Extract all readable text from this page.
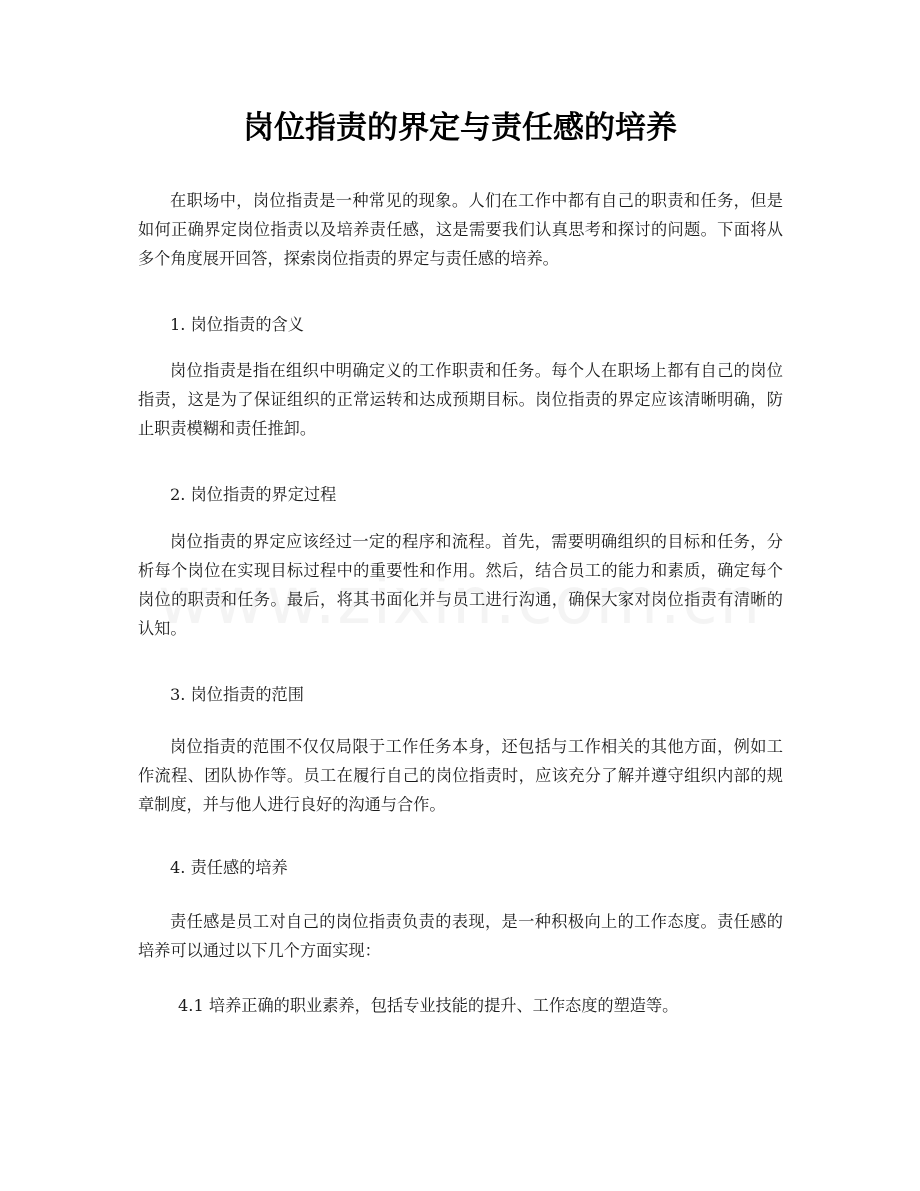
岗位指责的界定与责任感的培养

在职场中，岗位指责是一种常见的现象。人们在工作中都有自己的职责和任务，但是如何正确界定岗位指责以及培养责任感，这是需要我们认真思考和探讨的问题。下面将从多个角度展开回答，探索岗位指责的界定与责任感的培养。

1. 岗位指责的含义

岗位指责是指在组织中明确定义的工作职责和任务。每个人在职场上都有自己的岗位指责，这是为了保证组织的正常运转和达成预期目标。岗位指责的界定应该清晰明确，防止职责模糊和责任推卸。

2. 岗位指责的界定过程

岗位指责的界定应该经过一定的程序和流程。首先，需要明确组织的目标和任务，分析每个岗位在实现目标过程中的重要性和作用。然后，结合员工的能力和素质，确定每个岗位的职责和任务。最后，将其书面化并与员工进行沟通，确保大家对岗位指责有清晰的认知。

3. 岗位指责的范围

岗位指责的范围不仅仅局限于工作任务本身，还包括与工作相关的其他方面，例如工作流程、团队协作等。员工在履行自己的岗位指责时，应该充分了解并遵守组织内部的规章制度，并与他人进行良好的沟通与合作。

4. 责任感的培养

责任感是员工对自己的岗位指责负责的表现，是一种积极向上的工作态度。责任感的培养可以通过以下几个方面实现：

4.1 培养正确的职业素养，包括专业技能的提升、工作态度的塑造等。
